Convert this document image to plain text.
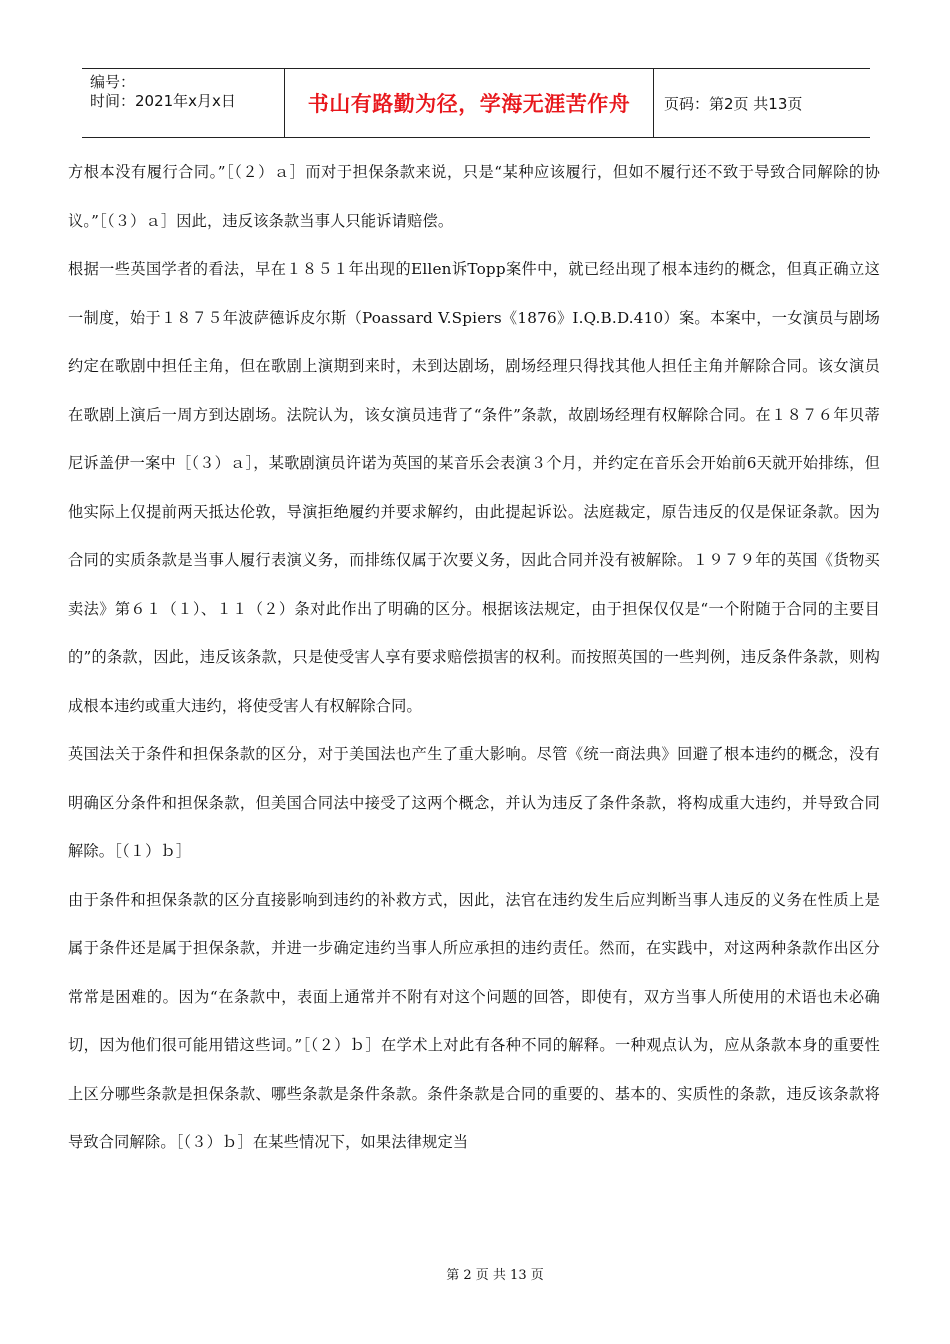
编号：
时间：2021年x月x日	书山有路勤为径，学海无涯苦作舟 页码：第2页 共13页

方根本没有履行合同。”［（２）ａ］而对于担保条款来说，只是“某种应该履行，但如不履行还不致于导致合同解除的协议。”［（３）ａ］因此，违反该条款当事人只能诉请赔偿。

根据一些英国学者的看法，早在１８５１年出现的Ellen诉Topp案件中，就已经出现了根本违约的概念，但真正确立这一制度，始于１８７５年波萨德诉皮尔斯（Poassard V.Spiers《1876》I.Q.B.D.410）案。本案中，一女演员与剧场约定在歌剧中担任主角，但在歌剧上演期到来时，未到达剧场，剧场经理只得找其他人担任主角并解除合同。该女演员在歌剧上演后一周方到达剧场。法院认为，该女演员违背了“条件”条款，故剧场经理有权解除合同。在１８７６年贝蒂尼诉盖伊一案中［（３）ａ］，某歌剧演员许诺为英国的某音乐会表演３个月，并约定在音乐会开始前6天就开始排练，但他实际上仅提前两天抵达伦敦，导演拒绝履约并要求解约，由此提起诉讼。法庭裁定，原告违反的仅是保证条款。因为合同的实质条款是当事人履行表演义务，而排练仅属于次要义务，因此合同并没有被解除。１９７９年的英国《货物买卖法》第６１（１）、１１（２）条对此作出了明确的区分。根据该法规定，由于担保仅仅是“一个附随于合同的主要目的”的条款，因此，违反该条款，只是使受害人享有要求赔偿损害的权利。而按照英国的一些判例，违反条件条款，则构成根本违约或重大违约，将使受害人有权解除合同。

英国法关于条件和担保条款的区分，对于美国法也产生了重大影响。尽管《统一商法典》回避了根本违约的概念，没有明确区分条件和担保条款，但美国合同法中接受了这两个概念，并认为违反了条件条款，将构成重大违约，并导致合同解除。［（１）ｂ］

由于条件和担保条款的区分直接影响到违约的补救方式，因此，法官在违约发生后应判断当事人违反的义务在性质上是属于条件还是属于担保条款，并进一步确定违约当事人所应承担的违约责任。然而，在实践中，对这两种条款作出区分常常是困难的。因为“在条款中，表面上通常并不附有对这个问题的回答，即使有，双方当事人所使用的术语也未必确切，因为他们很可能用错这些词。”［（２）ｂ］在学术上对此有各种不同的解释。一种观点认为，应从条款本身的重要性上区分哪些条款是担保条款、哪些条款是条件条款。条件条款是合同的重要的、基本的、实质性的条款，违反该条款将导致合同解除。［（３）ｂ］在某些情况下，如果法律规定当

第 2 页 共 13 页
